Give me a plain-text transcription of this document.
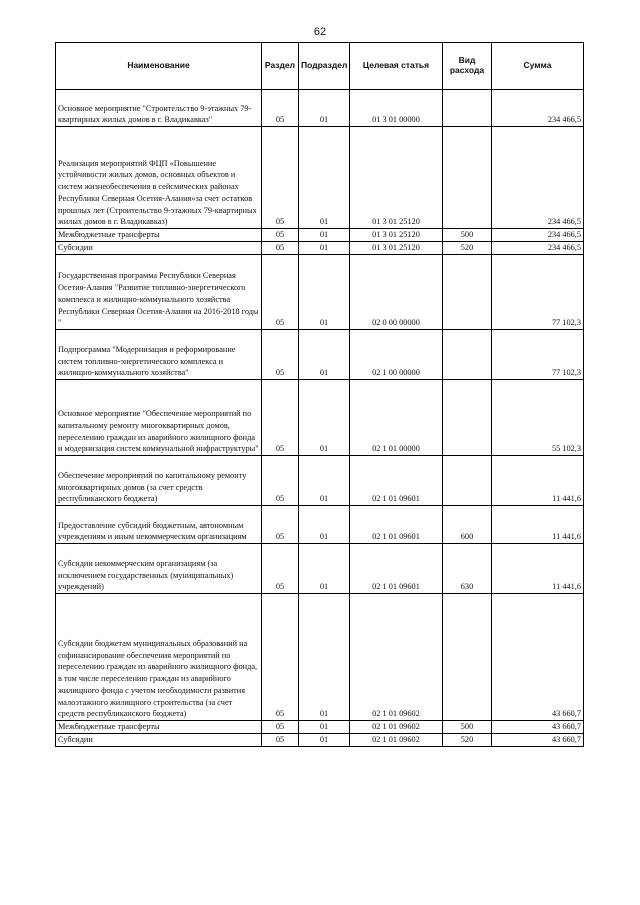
62
Наименование	Раздел	Подраздел	Целевая статья	Вид расхода	Сумма
Основное мероприятие "Строительство 9-этажных 79-квартирных жилых домов в г. Владикавказ"	05	01	01 3 01 00000		234 466,5
Реализация мероприятий ФЦП «Повышение устойчивости жилых домов, основных объектов и систем жизнеобеспечения в сейсмических районах Республики Северная Осетия-Алания»за счет остатков прошлых лет (Строительство 9-этажных 79-квартирных жилых домов в г. Владикавказ)	05	01	01 3 01 25120		234 466,5
Межбюджетные трансферты	05	01	01 3 01 25120	500	234 466,5
Субсидии	05	01	01 3 01 25120	520	234 466,5
Государственная программа Республики Северная Осетия-Алания "Развитие топливно-энергетического комплекса и жилищно-коммунального хозяйства Республики Северная Осетия-Алания на 2016-2018 годы "	05	01	02 0 00 00000		77 102,3
Подпрограмма "Модернизация и реформирование систем топливно-энергетического комплекса и жилищно-коммунального хозяйства"	05	01	02 1 00 00000		77 102,3
Основное мероприятие "Обеспечение мероприятий по капитальному ремонту многоквартирных домов, переселению граждан из аварийного жилищного фонда и модернизация систем коммунальной инфраструктуры"	05	01	02 1 01 00000		55 102,3
Обеспечение мероприятий по капитальному ремонту многоквартирных домов (за счет средств республиканского бюджета)	05	01	02 1 01 09601		11 441,6
Предоставление субсидий бюджетным, автономным учреждениям и иным некоммерческим организациям	05	01	02 1 01 09601	600	11 441,6
Субсидии некоммерческим организациям (за исключением государственных (муниципальных) учреждений)	05	01	02 1 01 09601	630	11 441,6
Субсидии бюджетам муниципальных образований на софинансирование обеспечения мероприятий по переселению граждан из аварийного жилищного фонда, в том числе переселению граждан из аварийного жилищного фонда с учетом необходимости развития малоэтажного жилищного строительства (за счет средств республиканского бюджета)	05	01	02 1 01 09602		43 660,7
Межбюджетные трансферты	05	01	02 1 01 09602	500	43 660,7
Субсидии	05	01	02 1 01 09602	520	43 660,7
